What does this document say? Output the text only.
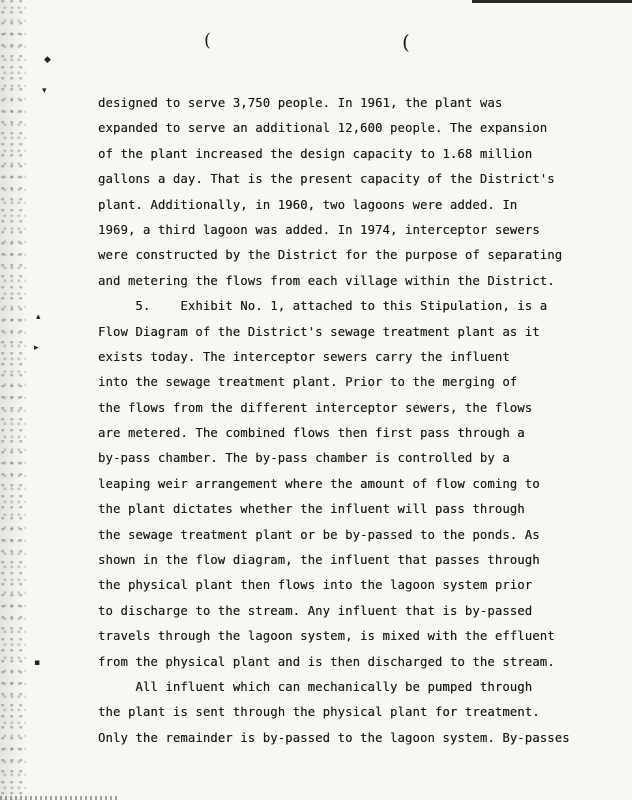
(	(
◆
▾
▴
▸
▪
designed to serve 3,750 people. In 1961, the plant was
expanded to serve an additional 12,600 people. The expansion
of the plant increased the design capacity to 1.68 million
gallons a day. That is the present capacity of the District's
plant. Additionally, in 1960, two lagoons were added. In
1969, a third lagoon was added. In 1974, interceptor sewers
were constructed by the District for the purpose of separating
and metering the flows from each village within the District.
5.    Exhibit No. 1, attached to this Stipulation, is a
Flow Diagram of the District's sewage treatment plant as it
exists today. The interceptor sewers carry the influent
into the sewage treatment plant. Prior to the merging of
the flows from the different interceptor sewers, the flows
are metered. The combined flows then first pass through a
by-pass chamber. The by-pass chamber is controlled by a
leaping weir arrangement where the amount of flow coming to
the plant dictates whether the influent will pass through
the sewage treatment plant or be by-passed to the ponds. As
shown in the flow diagram, the influent that passes through
the physical plant then flows into the lagoon system prior
to discharge to the stream. Any influent that is by-passed
travels through the lagoon system, is mixed with the effluent
from the physical plant and is then discharged to the stream.
All influent which can mechanically be pumped through
the plant is sent through the physical plant for treatment.
Only the remainder is by-passed to the lagoon system. By-passes
